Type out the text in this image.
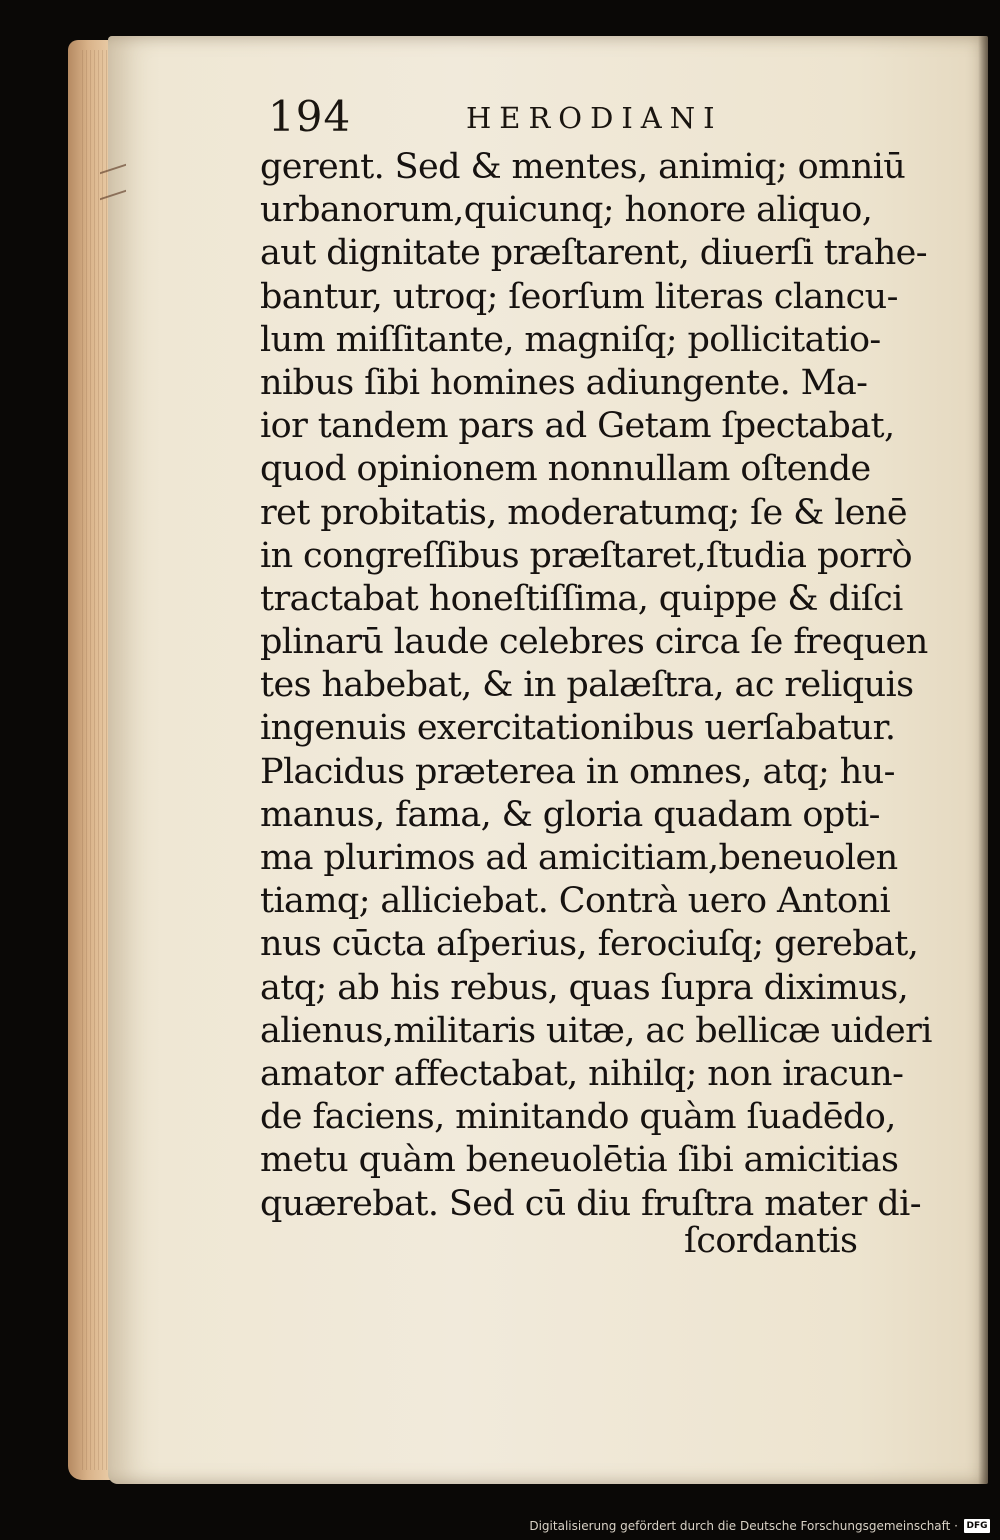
194	HERODIANI
gerent. Sed & mentes, animiq; omniū
urbanorum,quicunq; honore aliquo,
aut dignitate præſtarent, diuerſi trahe-
bantur, utroq; ſeorſum literas clancu-
lum miſſitante, magniſq; pollicitatio-
nibus ſibi homines adiungente. Ma-
ior tandem pars ad Getam ſpectabat,
quod opinionem nonnullam oſtende
ret probitatis, moderatumq; ſe & lenē
in congreſſibus præſtaret,ſtudia porrò
tractabat honeſtiſſima, quippe & diſci
plinarū laude celebres circa ſe frequen
tes habebat, & in palæſtra, ac reliquis
ingenuis exercitationibus uerſabatur.
Placidus præterea in omnes, atq; hu-
manus, fama, & gloria quadam opti-
ma plurimos ad amicitiam,beneuolen
tiamq; alliciebat. Contrà uero Antoni
nus cūcta aſperius, ferociuſq; gerebat,
atq; ab his rebus, quas ſupra diximus,
alienus,militaris uitæ, ac bellicæ uideri
amator affectabat, nihilq; non iracun-
de faciens, minitando quàm ſuadēdo,
metu quàm beneuolētia ſibi amicitias
quærebat. Sed cū diu fruſtra mater di-
ſcordantis
Digitalisierung gefördert durch die Deutsche Forschungsgemeinschaft · DFG
